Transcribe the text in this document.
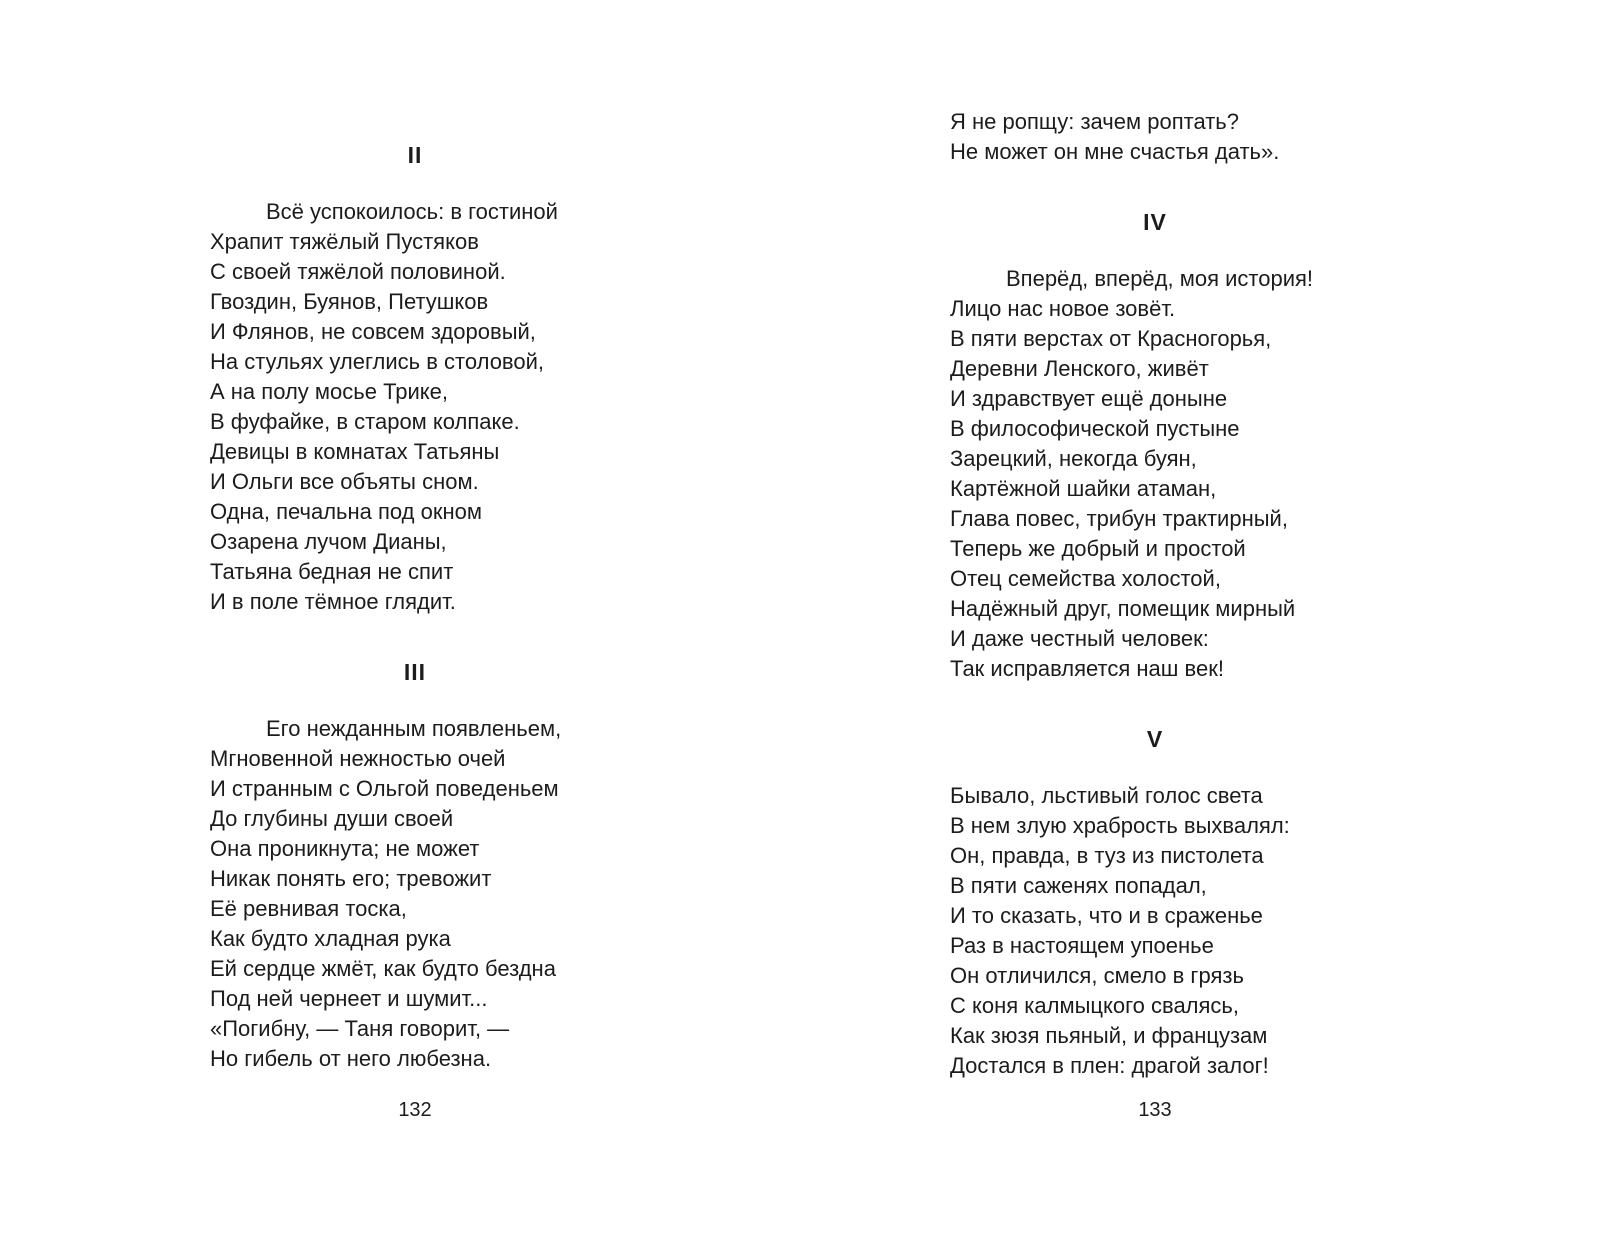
II
Всё успокоилось: в гостиной
Храпит тяжёлый Пустяков
С своей тяжёлой половиной.
Гвоздин, Буянов, Петушков
И Флянов, не совсем здоровый,
На стульях улеглись в столовой,
А на полу мосье Трике,
В фуфайке, в старом колпаке.
Девицы в комнатах Татьяны
И Ольги все объяты сном.
Одна, печальна под окном
Озарена лучом Дианы,
Татьяна бедная не спит
И в поле тёмное глядит.
III
Его нежданным появленьем,
Мгновенной нежностью очей
И странным с Ольгой поведеньем
До глубины души своей
Она проникнута; не может
Никак понять его; тревожит
Её ревнивая тоска,
Как будто хладная рука
Ей сердце жмёт, как будто бездна
Под ней чернеет и шумит...
«Погибну, — Таня говорит, —
Но гибель от него любезна.
Я не ропщу: зачем роптать?
Не может он мне счастья дать».
IV
Вперёд, вперёд, моя история!
Лицо нас новое зовёт.
В пяти верстах от Красногорья,
Деревни Ленского, живёт
И здравствует ещё доныне
В философической пустыне
Зарецкий, некогда буян,
Картёжной шайки атаман,
Глава повес, трибун трактирный,
Теперь же добрый и простой
Отец семейства холостой,
Надёжный друг, помещик мирный
И даже честный человек:
Так исправляется наш век!
V
Бывало, льстивый голос света
В нем злую храбрость выхвалял:
Он, правда, в туз из пистолета
В пяти саженях попадал,
И то сказать, что и в сраженье
Раз в настоящем упоенье
Он отличился, смело в грязь
С коня калмыцкого свалясь,
Как зюзя пьяный, и французам
Достался в плен: драгой залог!
132	133
